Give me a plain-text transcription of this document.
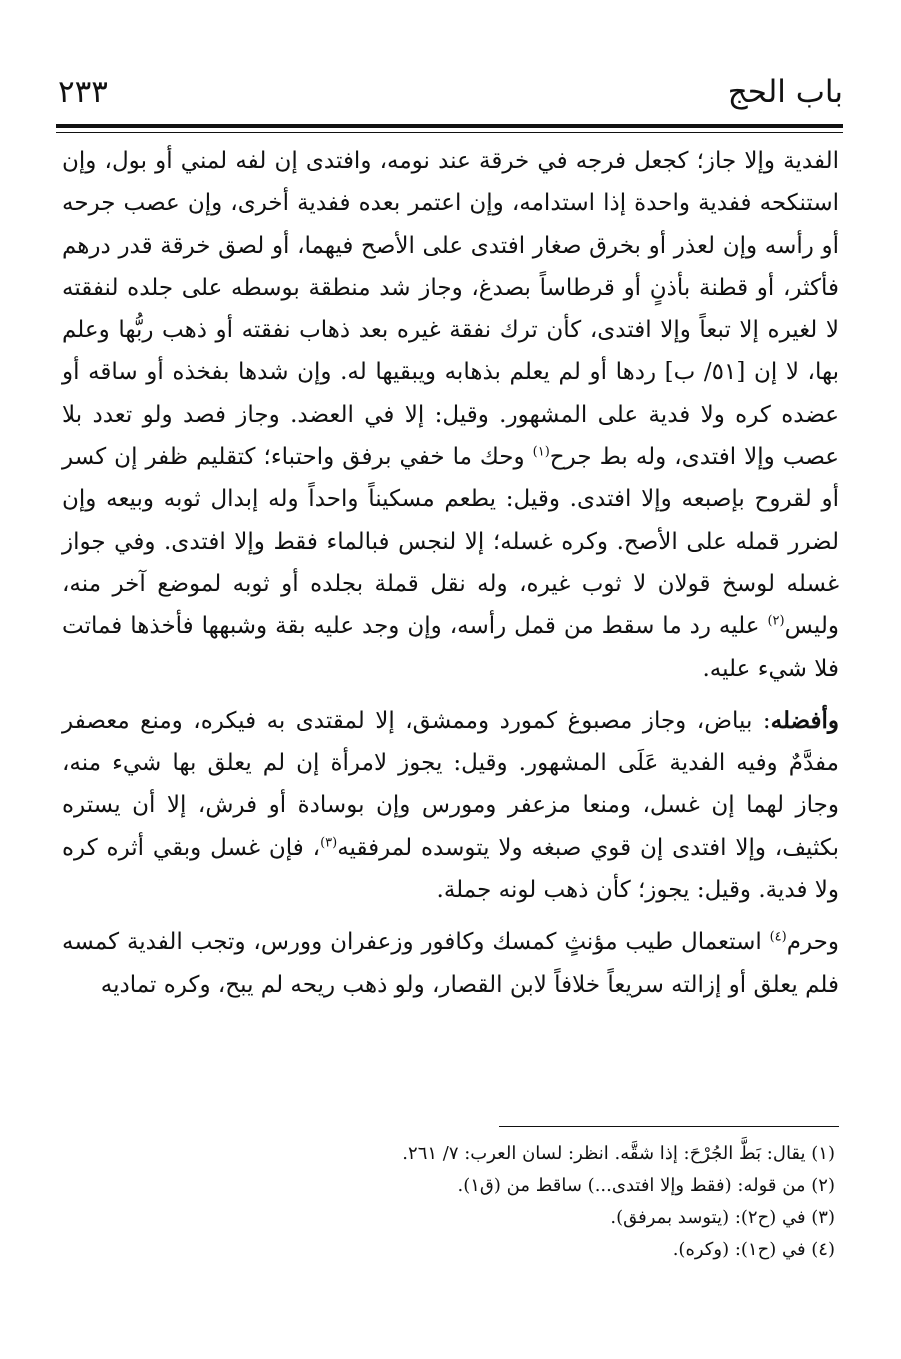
باب الحج
٢٣٣

الفدية وإلا جاز؛ كجعل فرجه في خرقة عند نومه، وافتدى إن لفه لمني أو بول، وإن استنكحه ففدية واحدة إذا استدامه، وإن اعتمر بعده ففدية أخرى، وإن عصب جرحه أو رأسه وإن لعذر أو بخرق صغار افتدى على الأصح فيهما، أو لصق خرقة قدر درهم فأكثر، أو قطنة بأذنٍ أو قرطاساً بصدغ، وجاز شد منطقة بوسطه على جلده لنفقته لا لغيره إلا تبعاً وإلا افتدى، كأن ترك نفقة غيره بعد ذهاب نفقته أو ذهب ربُّها وعلم بها، لا إن [٥١/ ب] ردها أو لم يعلم بذهابه ويبقيها له. وإن شدها بفخذه أو ساقه أو عضده كره ولا فدية على المشهور. وقيل: إلا في العضد. وجاز فصد ولو تعدد بلا عصب وإلا افتدى، وله بط جرح$^{(١)}$ وحك ما خفي برفق واحتباء؛ كتقليم ظفر إن كسر أو لقروح بإصبعه وإلا افتدى. وقيل: يطعم مسكيناً واحداً وله إبدال ثوبه وبيعه وإن لضرر قمله على الأصح. وكره غسله؛ إلا لنجس فبالماء فقط وإلا افتدى. وفي جواز غسله لوسخ قولان لا ثوب غيره، وله نقل قملة بجلده أو ثوبه لموضع آخر منه، وليس$^{(٢)}$ عليه رد ما سقط من قمل رأسه، وإن وجد عليه بقة وشبهها فأخذها فماتت فلا شيء عليه.

وأفضله: بياض، وجاز مصبوغ كمورد وممشق، إلا لمقتدى به فيكره، ومنع معصفر مفدَّمٌ وفيه الفدية عَلَى المشهور. وقيل: يجوز لامرأة إن لم يعلق بها شيء منه، وجاز لهما إن غسل، ومنعا مزعفر ومورس وإن بوسادة أو فرش، إلا أن يستره بكثيف، وإلا افتدى إن قوي صبغه ولا يتوسده لمرفقيه$^{(٣)}$، فإن غسل وبقي أثره كره ولا فدية. وقيل: يجوز؛ كأن ذهب لونه جملة.

وحرم$^{(٤)}$ استعمال طيب مؤنثٍ كمسك وكافور وزعفران وورس، وتجب الفدية كمسه فلم يعلق أو إزالته سريعاً خلافاً لابن القصار، ولو ذهب ريحه لم يبح، وكره تماديه

(١) يقال: بَطَّ الجُرْحَ: إذا شقَّه. انظر: لسان العرب: ٧/ ٢٦١.

(٢) من قوله: (فقط وإلا افتدى...) ساقط من (ق١).

(٣) في (ح٢): (يتوسد بمرفق).

(٤) في (ح١): (وكره).
